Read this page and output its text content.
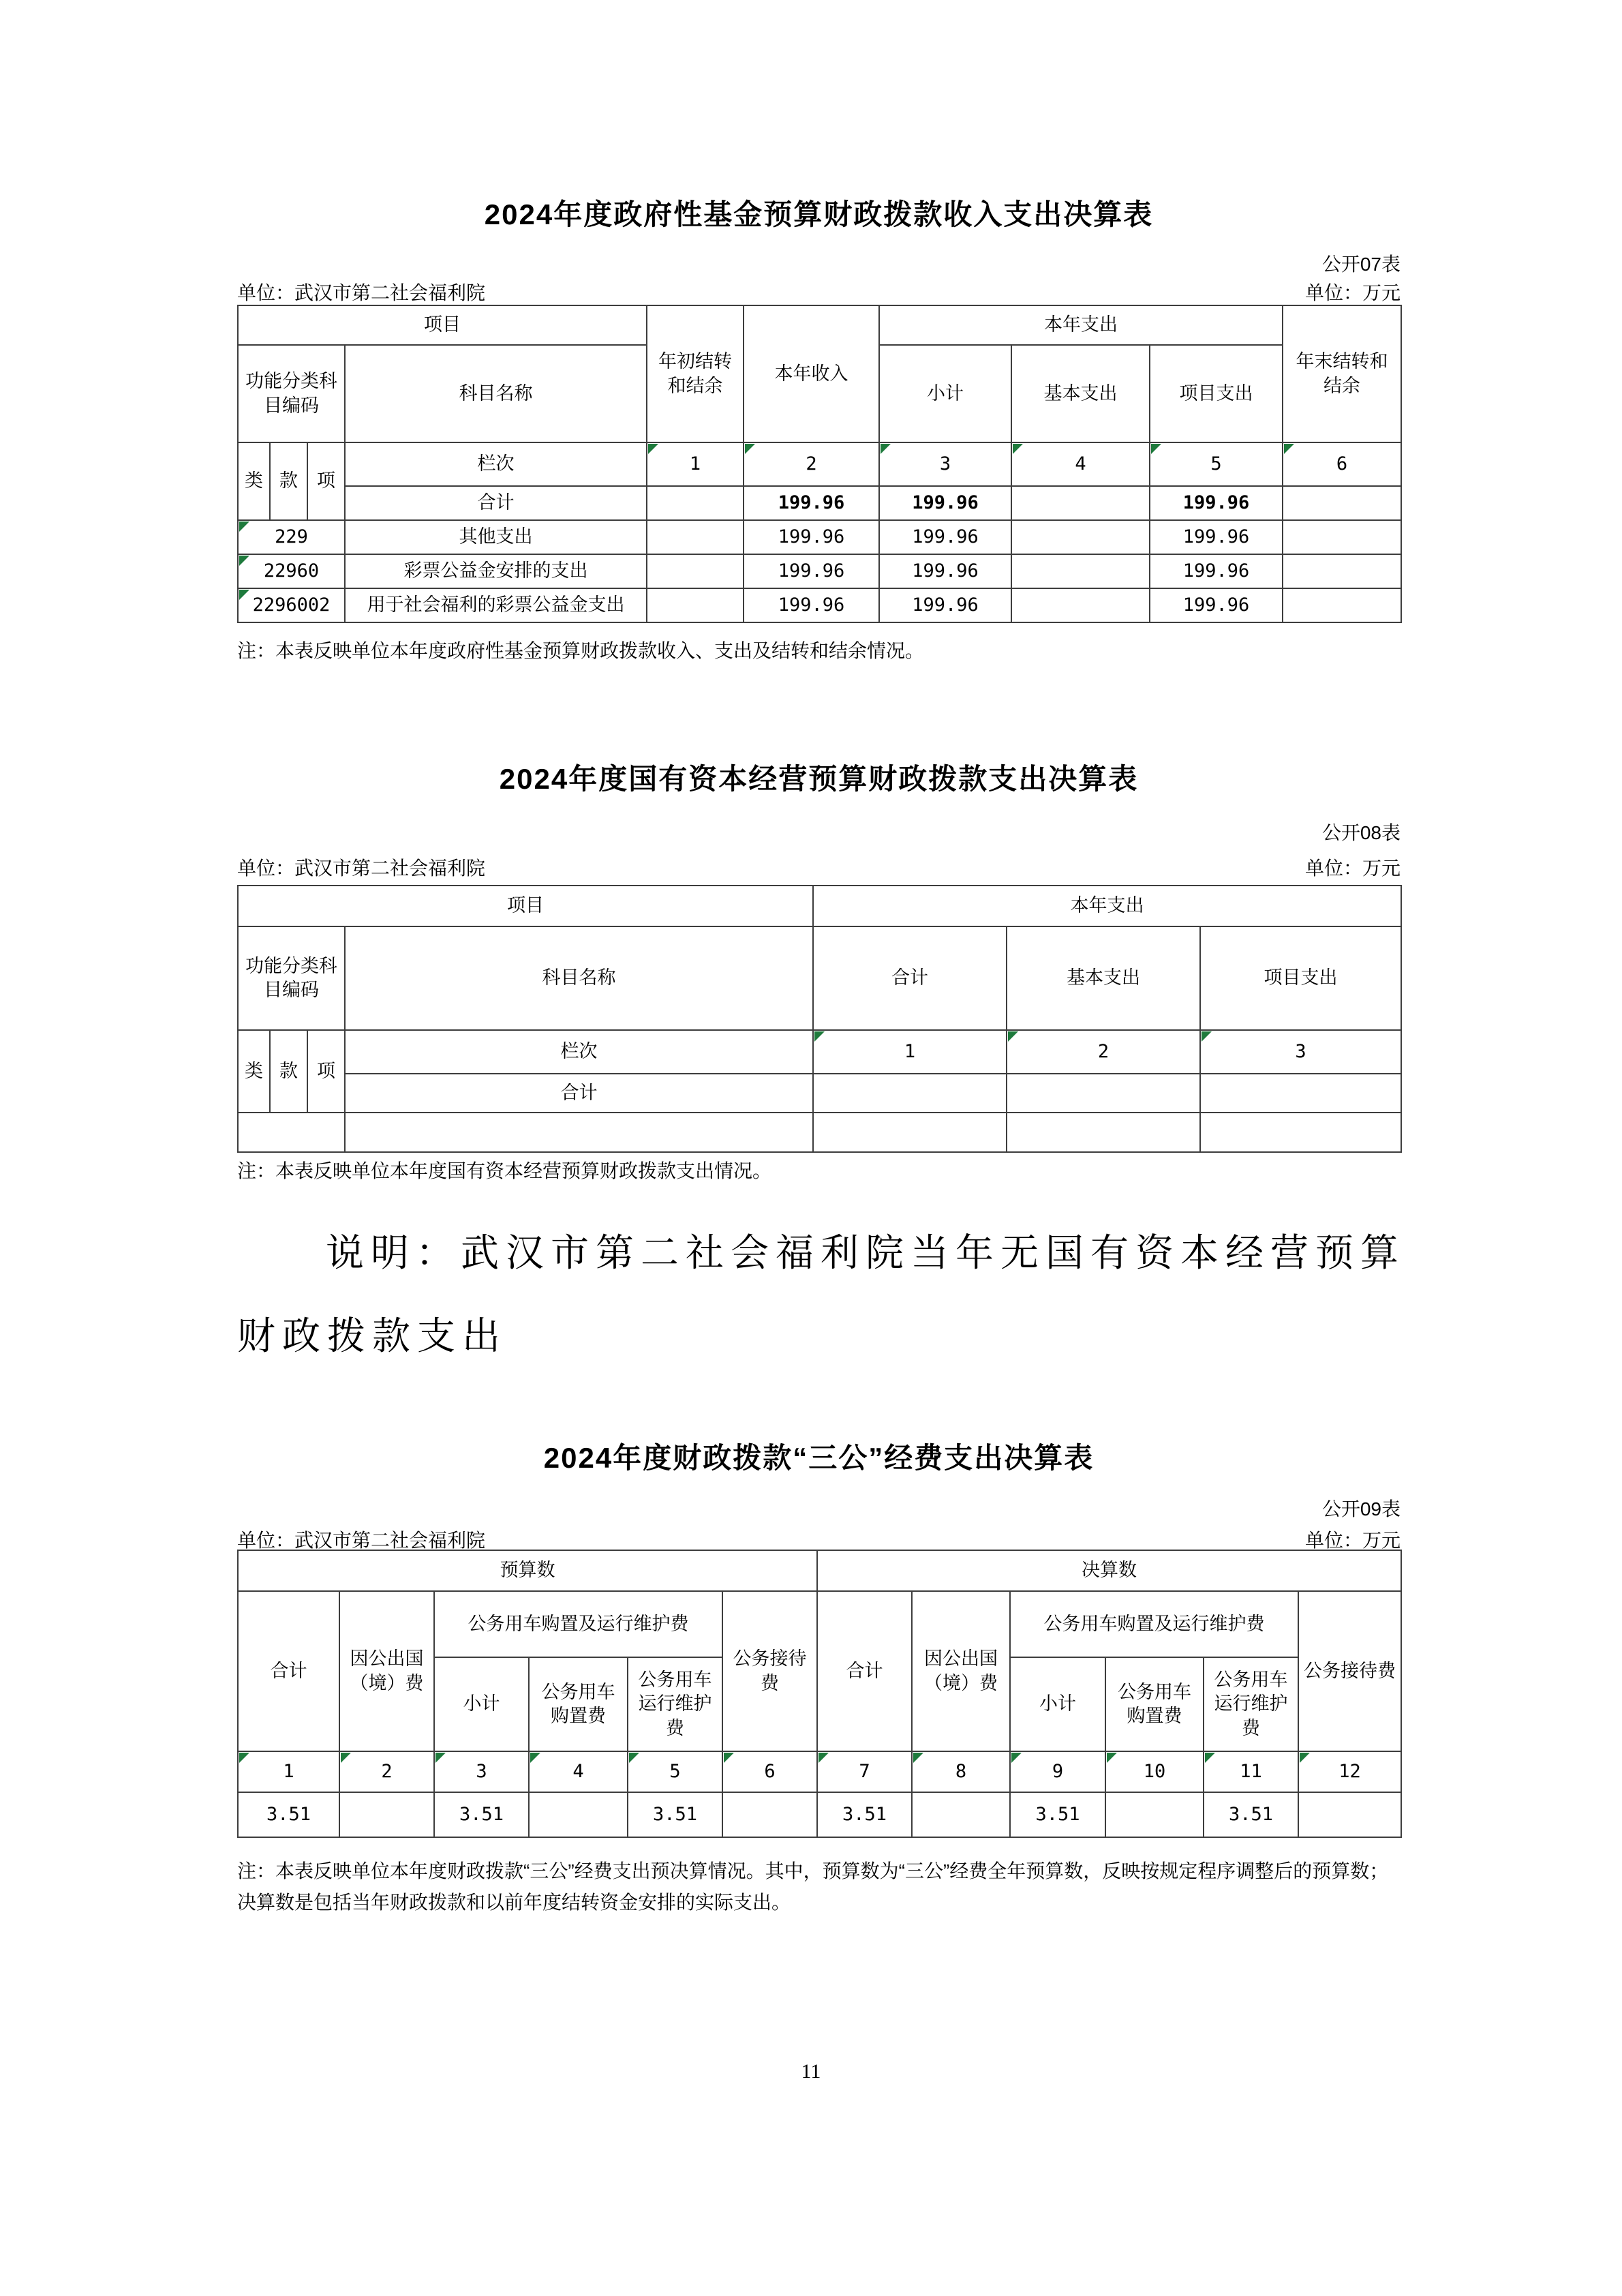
2024年度政府性基金预算财政拨款收入支出决算表
公开07表
单位：武汉市第二社会福利院	单位：万元
项目				年初结转和结余	本年收入	本年支出			年末结转和结余
功能分类科目编码			科目名称			小计	基本支出	项目支出	
类	款	项	栏次	1	2	3	4	5	6
			合计		199.96	199.96		199.96	

229			其他支出		199.96	199.96		199.96	

22960			彩票公益金安排的支出		199.96	199.96		199.96	

2296002			用于社会福利的彩票公益金支出		199.96	199.96		199.96	
注：本表反映单位本年度政府性基金预算财政拨款收入、支出及结转和结余情况。
2024年度国有资本经营预算财政拨款支出决算表
公开08表
单位：武汉市第二社会福利院	单位：万元
项目				本年支出		
功能分类科目编码			科目名称	合计	基本支出	项目支出
类	款	项	栏次	1	2	3
			合计			

注：本表反映单位本年度国有资本经营预算财政拨款支出情况。
说明：武汉市第二社会福利院当年无国有资本经营预算
财政拨款支出
2024年度财政拨款“三公”经费支出决算表
公开09表
单位：武汉市第二社会福利院	单位：万元
预算数						决算数					
合计	因公出国（境）费	公务用车购置及运行维护费			公务接待费	合计	因公出国（境）费	公务用车购置及运行维护费			公务接待费
		小计	公务用车购置费	公务用车运行维护费				小计	公务用车购置费	公务用车运行维护费	

1	2	3	4	5	6	7	8	9	10	11	12
3.51		3.51		3.51		3.51		3.51		3.51	
注：本表反映单位本年度财政拨款“三公”经费支出预决算情况。其中，预算数为“三公”经费全年预算数，反映按规定程序调整后的预算数；决算数是包括当年财政拨款和以前年度结转资金安排的实际支出。
11
